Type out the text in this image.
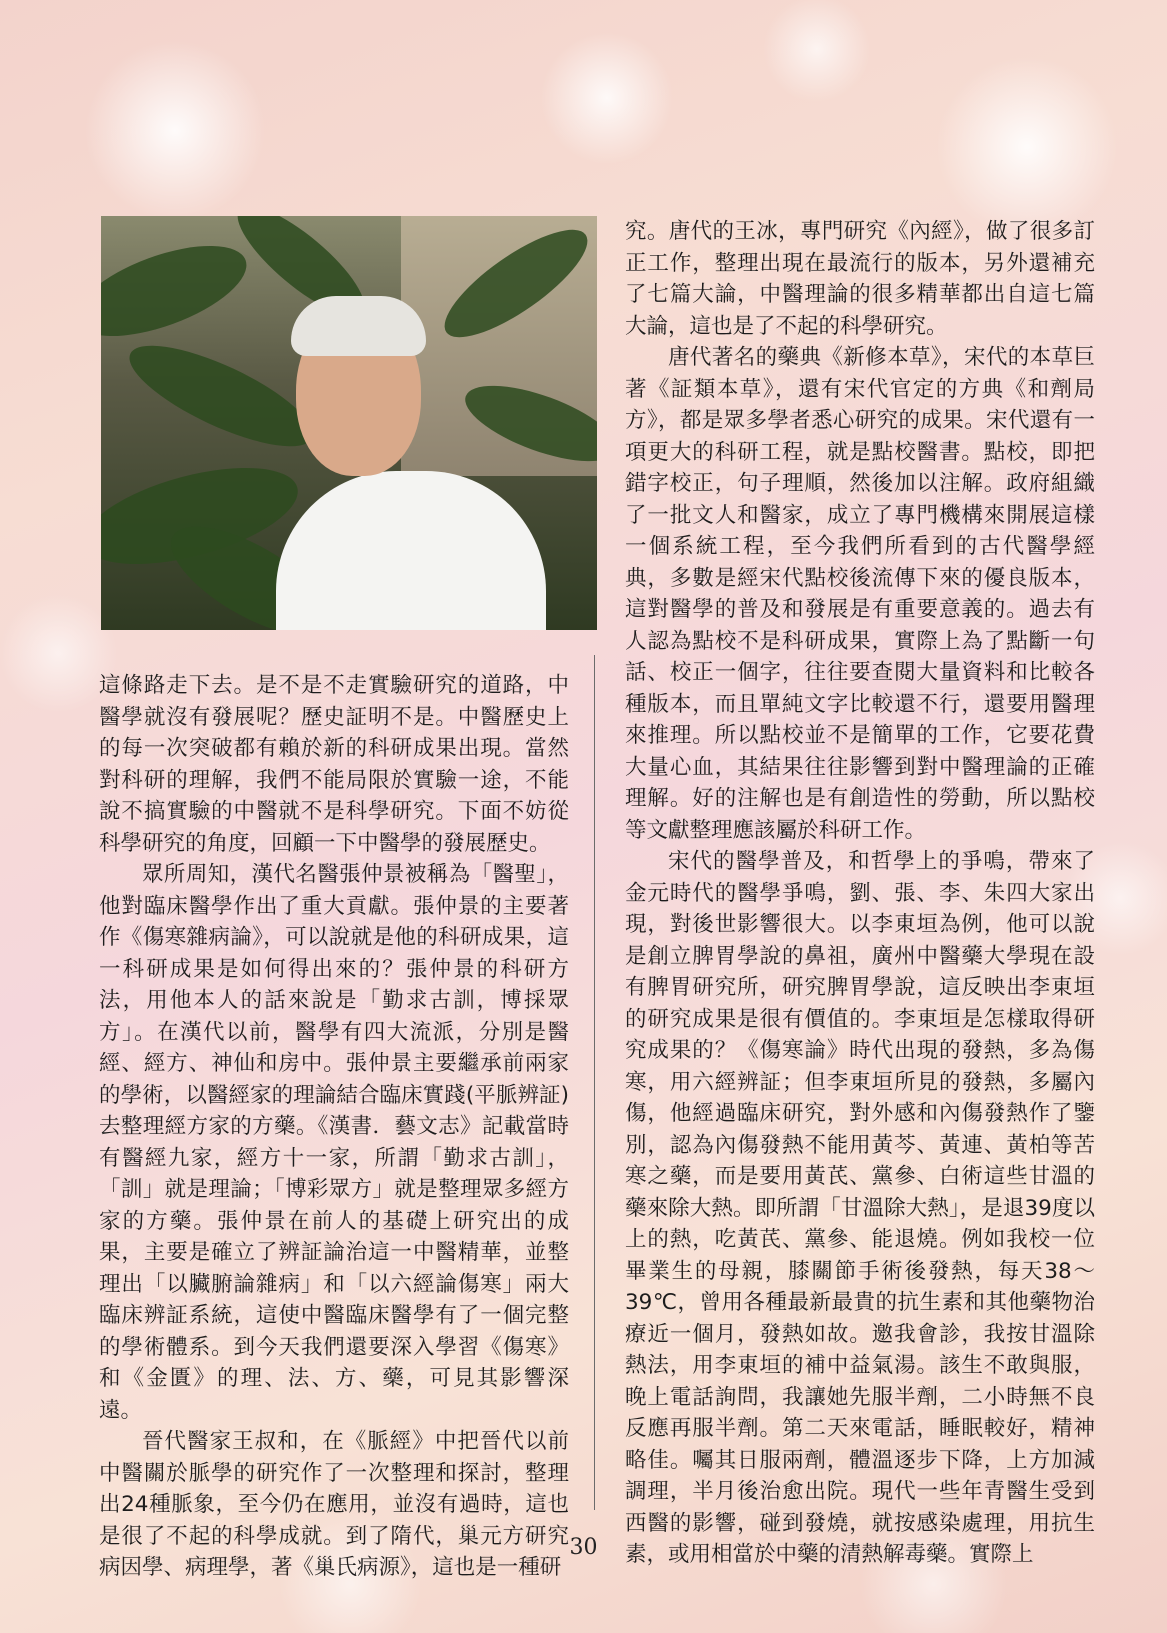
這條路走下去。是不是不走實驗研究的道路，中醫學就沒有發展呢？歷史証明不是。中醫歷史上的每一次突破都有賴於新的科研成果出現。當然對科研的理解，我們不能局限於實驗一途，不能說不搞實驗的中醫就不是科學研究。下面不妨從科學研究的角度，回顧一下中醫學的發展歷史。

眾所周知，漢代名醫張仲景被稱為「醫聖」，他對臨床醫學作出了重大貢獻。張仲景的主要著作《傷寒雜病論》，可以說就是他的科研成果，這一科研成果是如何得出來的？張仲景的科研方法，用他本人的話來說是「勤求古訓，博採眾方」。在漢代以前，醫學有四大流派，分別是醫經、經方、神仙和房中。張仲景主要繼承前兩家的學術，以醫經家的理論結合臨床實踐(平脈辨証)去整理經方家的方藥。《漢書．藝文志》記載當時有醫經九家，經方十一家，所謂「勤求古訓」，「訓」就是理論；「博彩眾方」就是整理眾多經方家的方藥。張仲景在前人的基礎上研究出的成果，主要是確立了辨証論治這一中醫精華，並整理出「以臟腑論雜病」和「以六經論傷寒」兩大臨床辨証系統，這使中醫臨床醫學有了一個完整的學術體系。到今天我們還要深入學習《傷寒》和《金匱》的理、法、方、藥，可見其影響深遠。

晉代醫家王叔和，在《脈經》中把晉代以前中醫關於脈學的研究作了一次整理和探討，整理出24種脈象，至今仍在應用，並沒有過時，這也是很了不起的科學成就。到了隋代，巢元方研究病因學、病理學，著《巢氏病源》，這也是一種研

究。唐代的王冰，專門研究《內經》，做了很多訂正工作，整理出現在最流行的版本，另外還補充了七篇大論，中醫理論的很多精華都出自這七篇大論，這也是了不起的科學研究。

唐代著名的藥典《新修本草》，宋代的本草巨著《証類本草》，還有宋代官定的方典《和劑局方》，都是眾多學者悉心研究的成果。宋代還有一項更大的科研工程，就是點校醫書。點校，即把錯字校正，句子理順，然後加以注解。政府組織了一批文人和醫家，成立了專門機構來開展這樣一個系統工程，至今我們所看到的古代醫學經典，多數是經宋代點校後流傳下來的優良版本，這對醫學的普及和發展是有重要意義的。過去有人認為點校不是科研成果，實際上為了點斷一句話、校正一個字，往往要查閱大量資料和比較各種版本，而且單純文字比較還不行，還要用醫理來推理。所以點校並不是簡單的工作，它要花費大量心血，其結果往往影響到對中醫理論的正確理解。好的注解也是有創造性的勞動，所以點校等文獻整理應該屬於科研工作。

宋代的醫學普及，和哲學上的爭鳴，帶來了金元時代的醫學爭鳴，劉、張、李、朱四大家出現，對後世影響很大。以李東垣為例，他可以說是創立脾胃學說的鼻祖，廣州中醫藥大學現在設有脾胃研究所，研究脾胃學說，這反映出李東垣的研究成果是很有價值的。李東垣是怎樣取得研究成果的？《傷寒論》時代出現的發熱，多為傷寒，用六經辨証；但李東垣所見的發熱，多屬內傷，他經過臨床研究，對外感和內傷發熱作了鑒別，認為內傷發熱不能用黃芩、黃連、黃柏等苦寒之藥，而是要用黃芪、黨參、白術這些甘溫的藥來除大熱。即所謂「甘溫除大熱」，是退39度以上的熱，吃黃芪、黨參、能退燒。例如我校一位畢業生的母親，膝關節手術後發熱，每天38～39℃，曾用各種最新最貴的抗生素和其他藥物治療近一個月，發熱如故。邀我會診，我按甘溫除熱法，用李東垣的補中益氣湯。該生不敢與服，晚上電話詢問，我讓她先服半劑，二小時無不良反應再服半劑。第二天來電話，睡眠較好，精神略佳。囑其日服兩劑，體溫逐步下降，上方加減調理，半月後治愈出院。現代一些年青醫生受到西醫的影響，碰到發燒，就按感染處理，用抗生素，或用相當於中藥的清熱解毒藥。實際上

30
